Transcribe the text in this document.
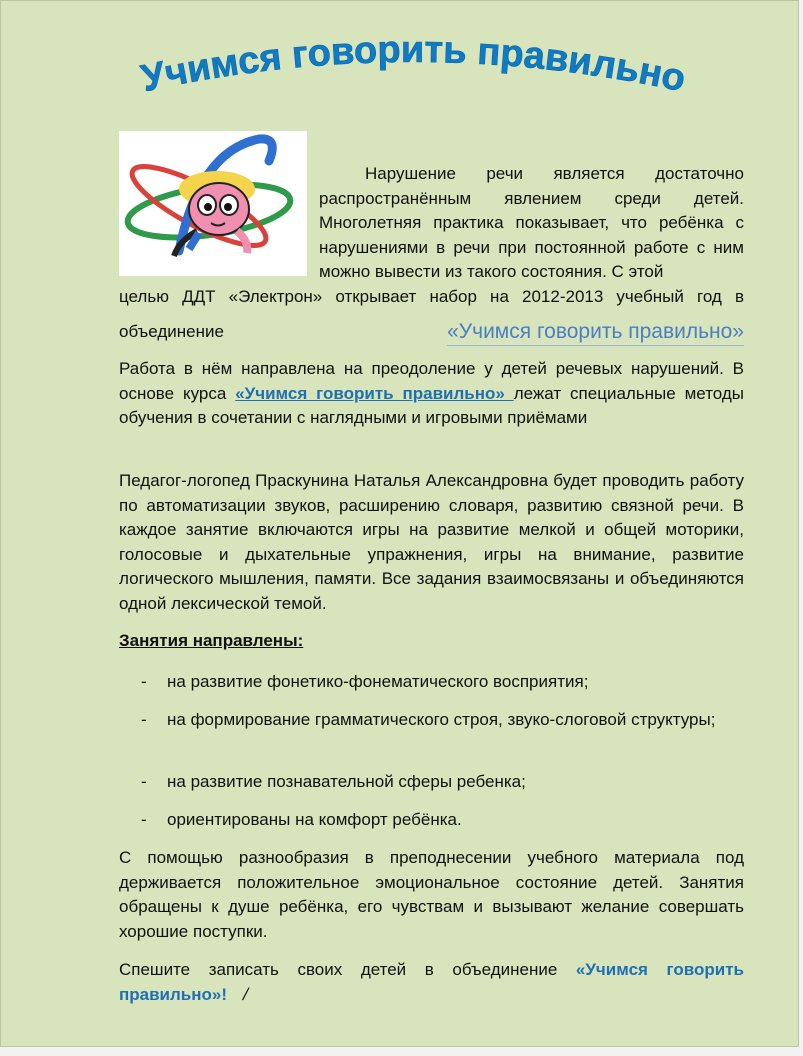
Учимся говорить правильно
Нарушение речи является достаточно распространённым явлением среди детей. Многолетняя практика показывает, что ребёнка с нарушениями в речи при постоянной работе с ним можно вывести из такого состояния. С этой
целью ДДТ «Электрон» открывает набор на 2012-2013 учебный год в
объединение	«Учимся говорить правильно»
Работа в нём направлена на преодоление у детей речевых нарушений. В основе курса «Учимся говорить правильно» лежат специальные методы обучения в сочетании с наглядными и игровыми приёмами
Педагог-логопед Праскунина Наталья Александровна будет проводить работу по автоматизации звуков, расширению словаря, развитию связной речи. В каждое занятие включаются игры на развитие мелкой и общей моторики, голосовые и дыхательные упражнения, игры на внимание, развитие логического мышления, памяти. Все задания взаимосвязаны и объединяются одной лексической темой.
Занятия направлены:
- на развитие фонетико-фонематического восприятия;
- на формирование грамматического строя, звуко-слоговой структуры;
- на развитие познавательной сферы ребенка;
- ориентированы на комфорт ребёнка.
С помощью разнообразия в преподнесении учебного материала под держивается положительное эмоциональное состояние детей. Занятия обращены к душе ребёнка, его чувствам и вызывают желание совершать хорошие поступки.
Спешите записать своих детей в объединение «Учимся говорить правильно»! /
